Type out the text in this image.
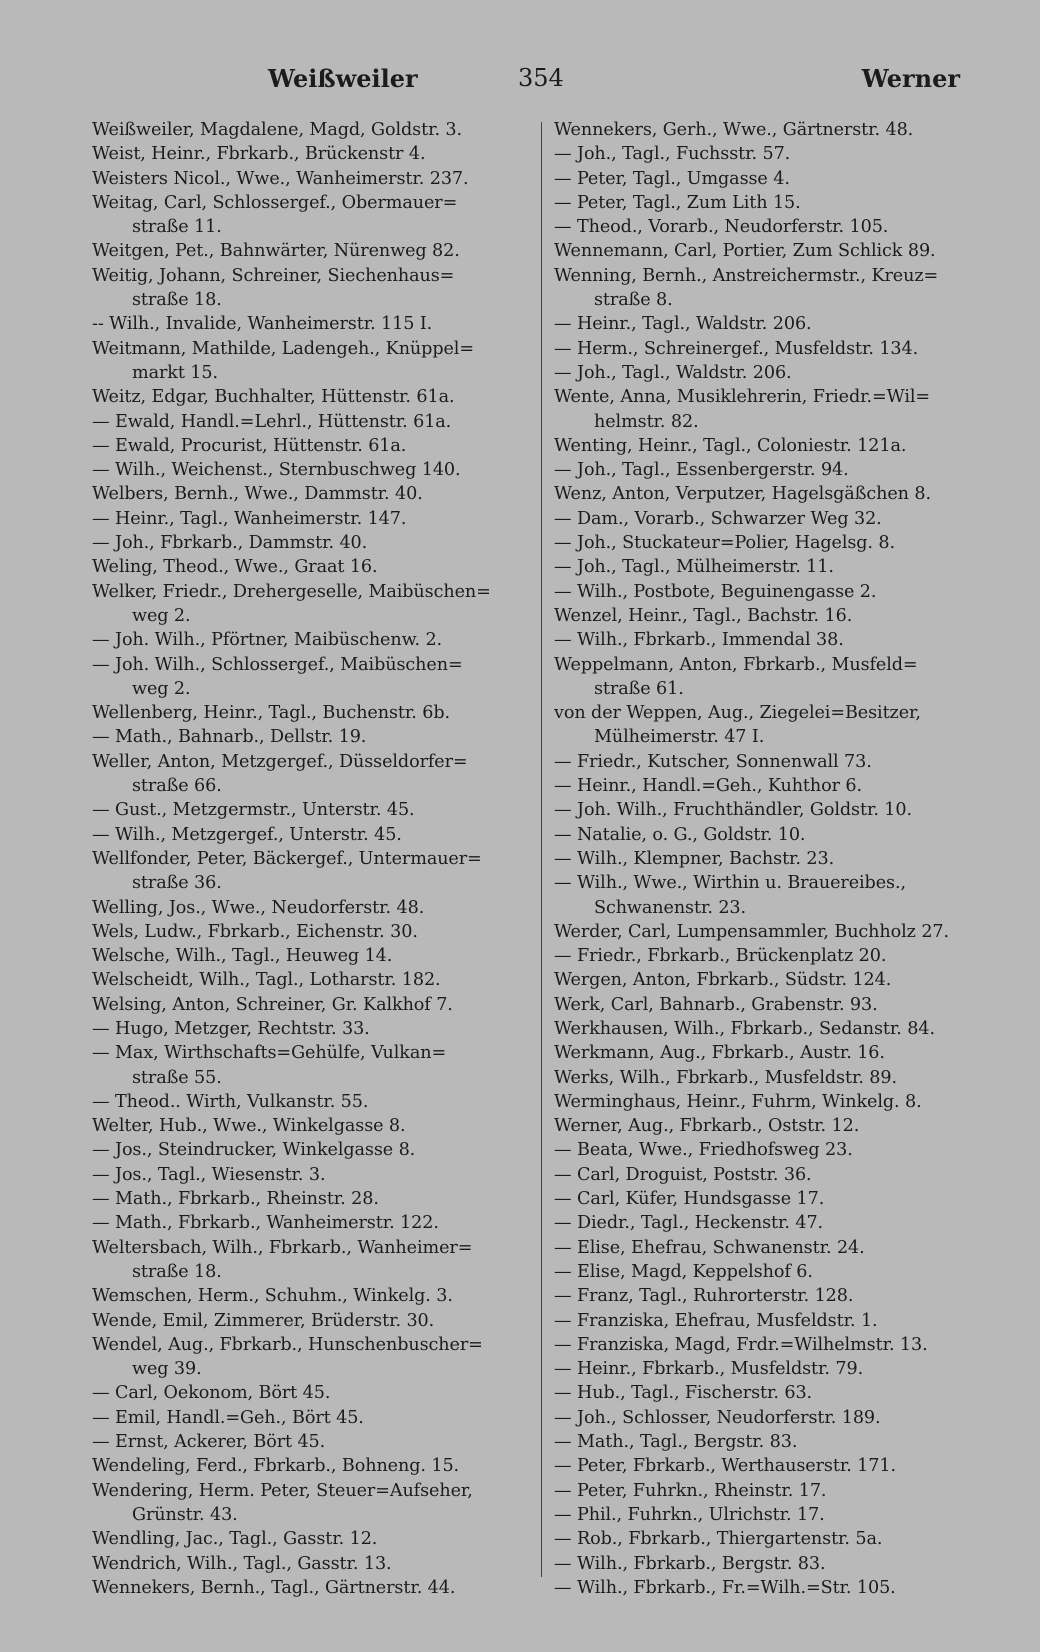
Weißweiler	354	Werner
Weißweiler, Magdalene, Magd, Goldstr. 3.
Weist, Heinr., Fbrkarb., Brückenstr 4.
Weisters Nicol., Wwe., Wanheimerstr. 237.
Weitag, Carl, Schlossergef., Obermauer=
straße 11.
Weitgen, Pet., Bahnwärter, Nürenweg 82.
Weitig, Johann, Schreiner, Siechenhaus=
straße 18.
-- Wilh., Invalide, Wanheimerstr. 115 I.
Weitmann, Mathilde, Ladengeh., Knüppel=
markt 15.
Weitz, Edgar, Buchhalter, Hüttenstr. 61a.
— Ewald, Handl.=Lehrl., Hüttenstr. 61a.
— Ewald, Procurist, Hüttenstr. 61a.
— Wilh., Weichenst., Sternbuschweg 140.
Welbers, Bernh., Wwe., Dammstr. 40.
— Heinr., Tagl., Wanheimerstr. 147.
— Joh., Fbrkarb., Dammstr. 40.
Weling, Theod., Wwe., Graat 16.
Welker, Friedr., Drehergeselle, Maibüschen=
weg 2.
— Joh. Wilh., Pförtner, Maibüschenw. 2.
— Joh. Wilh., Schlossergef., Maibüschen=
weg 2.
Wellenberg, Heinr., Tagl., Buchenstr. 6b.
— Math., Bahnarb., Dellstr. 19.
Weller, Anton, Metzgergef., Düsseldorfer=
straße 66.
— Gust., Metzgermstr., Unterstr. 45.
— Wilh., Metzgergef., Unterstr. 45.
Wellfonder, Peter, Bäckergef., Untermauer=
straße 36.
Welling, Jos., Wwe., Neudorferstr. 48.
Wels, Ludw., Fbrkarb., Eichenstr. 30.
Welsche, Wilh., Tagl., Heuweg 14.
Welscheidt, Wilh., Tagl., Lotharstr. 182.
Welsing, Anton, Schreiner, Gr. Kalkhof 7.
— Hugo, Metzger, Rechtstr. 33.
— Max, Wirthschafts=Gehülfe, Vulkan=
straße 55.
— Theod.. Wirth, Vulkanstr. 55.
Welter, Hub., Wwe., Winkelgasse 8.
— Jos., Steindrucker, Winkelgasse 8.
— Jos., Tagl., Wiesenstr. 3.
— Math., Fbrkarb., Rheinstr. 28.
— Math., Fbrkarb., Wanheimerstr. 122.
Weltersbach, Wilh., Fbrkarb., Wanheimer=
straße 18.
Wemschen, Herm., Schuhm., Winkelg. 3.
Wende, Emil, Zimmerer, Brüderstr. 30.
Wendel, Aug., Fbrkarb., Hunschenbuscher=
weg 39.
— Carl, Oekonom, Bört 45.
— Emil, Handl.=Geh., Bört 45.
— Ernst, Ackerer, Bört 45.
Wendeling, Ferd., Fbrkarb., Bohneng. 15.
Wendering, Herm. Peter, Steuer=Aufseher,
Grünstr. 43.
Wendling, Jac., Tagl., Gasstr. 12.
Wendrich, Wilh., Tagl., Gasstr. 13.
Wennekers, Bernh., Tagl., Gärtnerstr. 44.
Wennekers, Gerh., Wwe., Gärtnerstr. 48.
— Joh., Tagl., Fuchsstr. 57.
— Peter, Tagl., Umgasse 4.
— Peter, Tagl., Zum Lith 15.
— Theod., Vorarb., Neudorferstr. 105.
Wennemann, Carl, Portier, Zum Schlick 89.
Wenning, Bernh., Anstreichermstr., Kreuz=
straße 8.
— Heinr., Tagl., Waldstr. 206.
— Herm., Schreinergef., Musfeldstr. 134.
— Joh., Tagl., Waldstr. 206.
Wente, Anna, Musiklehrerin, Friedr.=Wil=
helmstr. 82.
Wenting, Heinr., Tagl., Coloniestr. 121a.
— Joh., Tagl., Essenbergerstr. 94.
Wenz, Anton, Verputzer, Hagelsgäßchen 8.
— Dam., Vorarb., Schwarzer Weg 32.
— Joh., Stuckateur=Polier, Hagelsg. 8.
— Joh., Tagl., Mülheimerstr. 11.
— Wilh., Postbote, Beguinengasse 2.
Wenzel, Heinr., Tagl., Bachstr. 16.
— Wilh., Fbrkarb., Immendal 38.
Weppelmann, Anton, Fbrkarb., Musfeld=
straße 61.
von der Weppen, Aug., Ziegelei=Besitzer,
Mülheimerstr. 47 I.
— Friedr., Kutscher, Sonnenwall 73.
— Heinr., Handl.=Geh., Kuhthor 6.
— Joh. Wilh., Fruchthändler, Goldstr. 10.
— Natalie, o. G., Goldstr. 10.
— Wilh., Klempner, Bachstr. 23.
— Wilh., Wwe., Wirthin u. Brauereibes.,
Schwanenstr. 23.
Werder, Carl, Lumpensammler, Buchholz 27.
— Friedr., Fbrkarb., Brückenplatz 20.
Wergen, Anton, Fbrkarb., Südstr. 124.
Werk, Carl, Bahnarb., Grabenstr. 93.
Werkhausen, Wilh., Fbrkarb., Sedanstr. 84.
Werkmann, Aug., Fbrkarb., Austr. 16.
Werks, Wilh., Fbrkarb., Musfeldstr. 89.
Werminghaus, Heinr., Fuhrm, Winkelg. 8.
Werner, Aug., Fbrkarb., Oststr. 12.
— Beata, Wwe., Friedhofsweg 23.
— Carl, Droguist, Poststr. 36.
— Carl, Küfer, Hundsgasse 17.
— Diedr., Tagl., Heckenstr. 47.
— Elise, Ehefrau, Schwanenstr. 24.
— Elise, Magd, Keppelshof 6.
— Franz, Tagl., Ruhrorterstr. 128.
— Franziska, Ehefrau, Musfeldstr. 1.
— Franziska, Magd, Frdr.=Wilhelmstr. 13.
— Heinr., Fbrkarb., Musfeldstr. 79.
— Hub., Tagl., Fischerstr. 63.
— Joh., Schlosser, Neudorferstr. 189.
— Math., Tagl., Bergstr. 83.
— Peter, Fbrkarb., Werthauserstr. 171.
— Peter, Fuhrkn., Rheinstr. 17.
— Phil., Fuhrkn., Ulrichstr. 17.
— Rob., Fbrkarb., Thiergartenstr. 5a.
— Wilh., Fbrkarb., Bergstr. 83.
— Wilh., Fbrkarb., Fr.=Wilh.=Str. 105.
